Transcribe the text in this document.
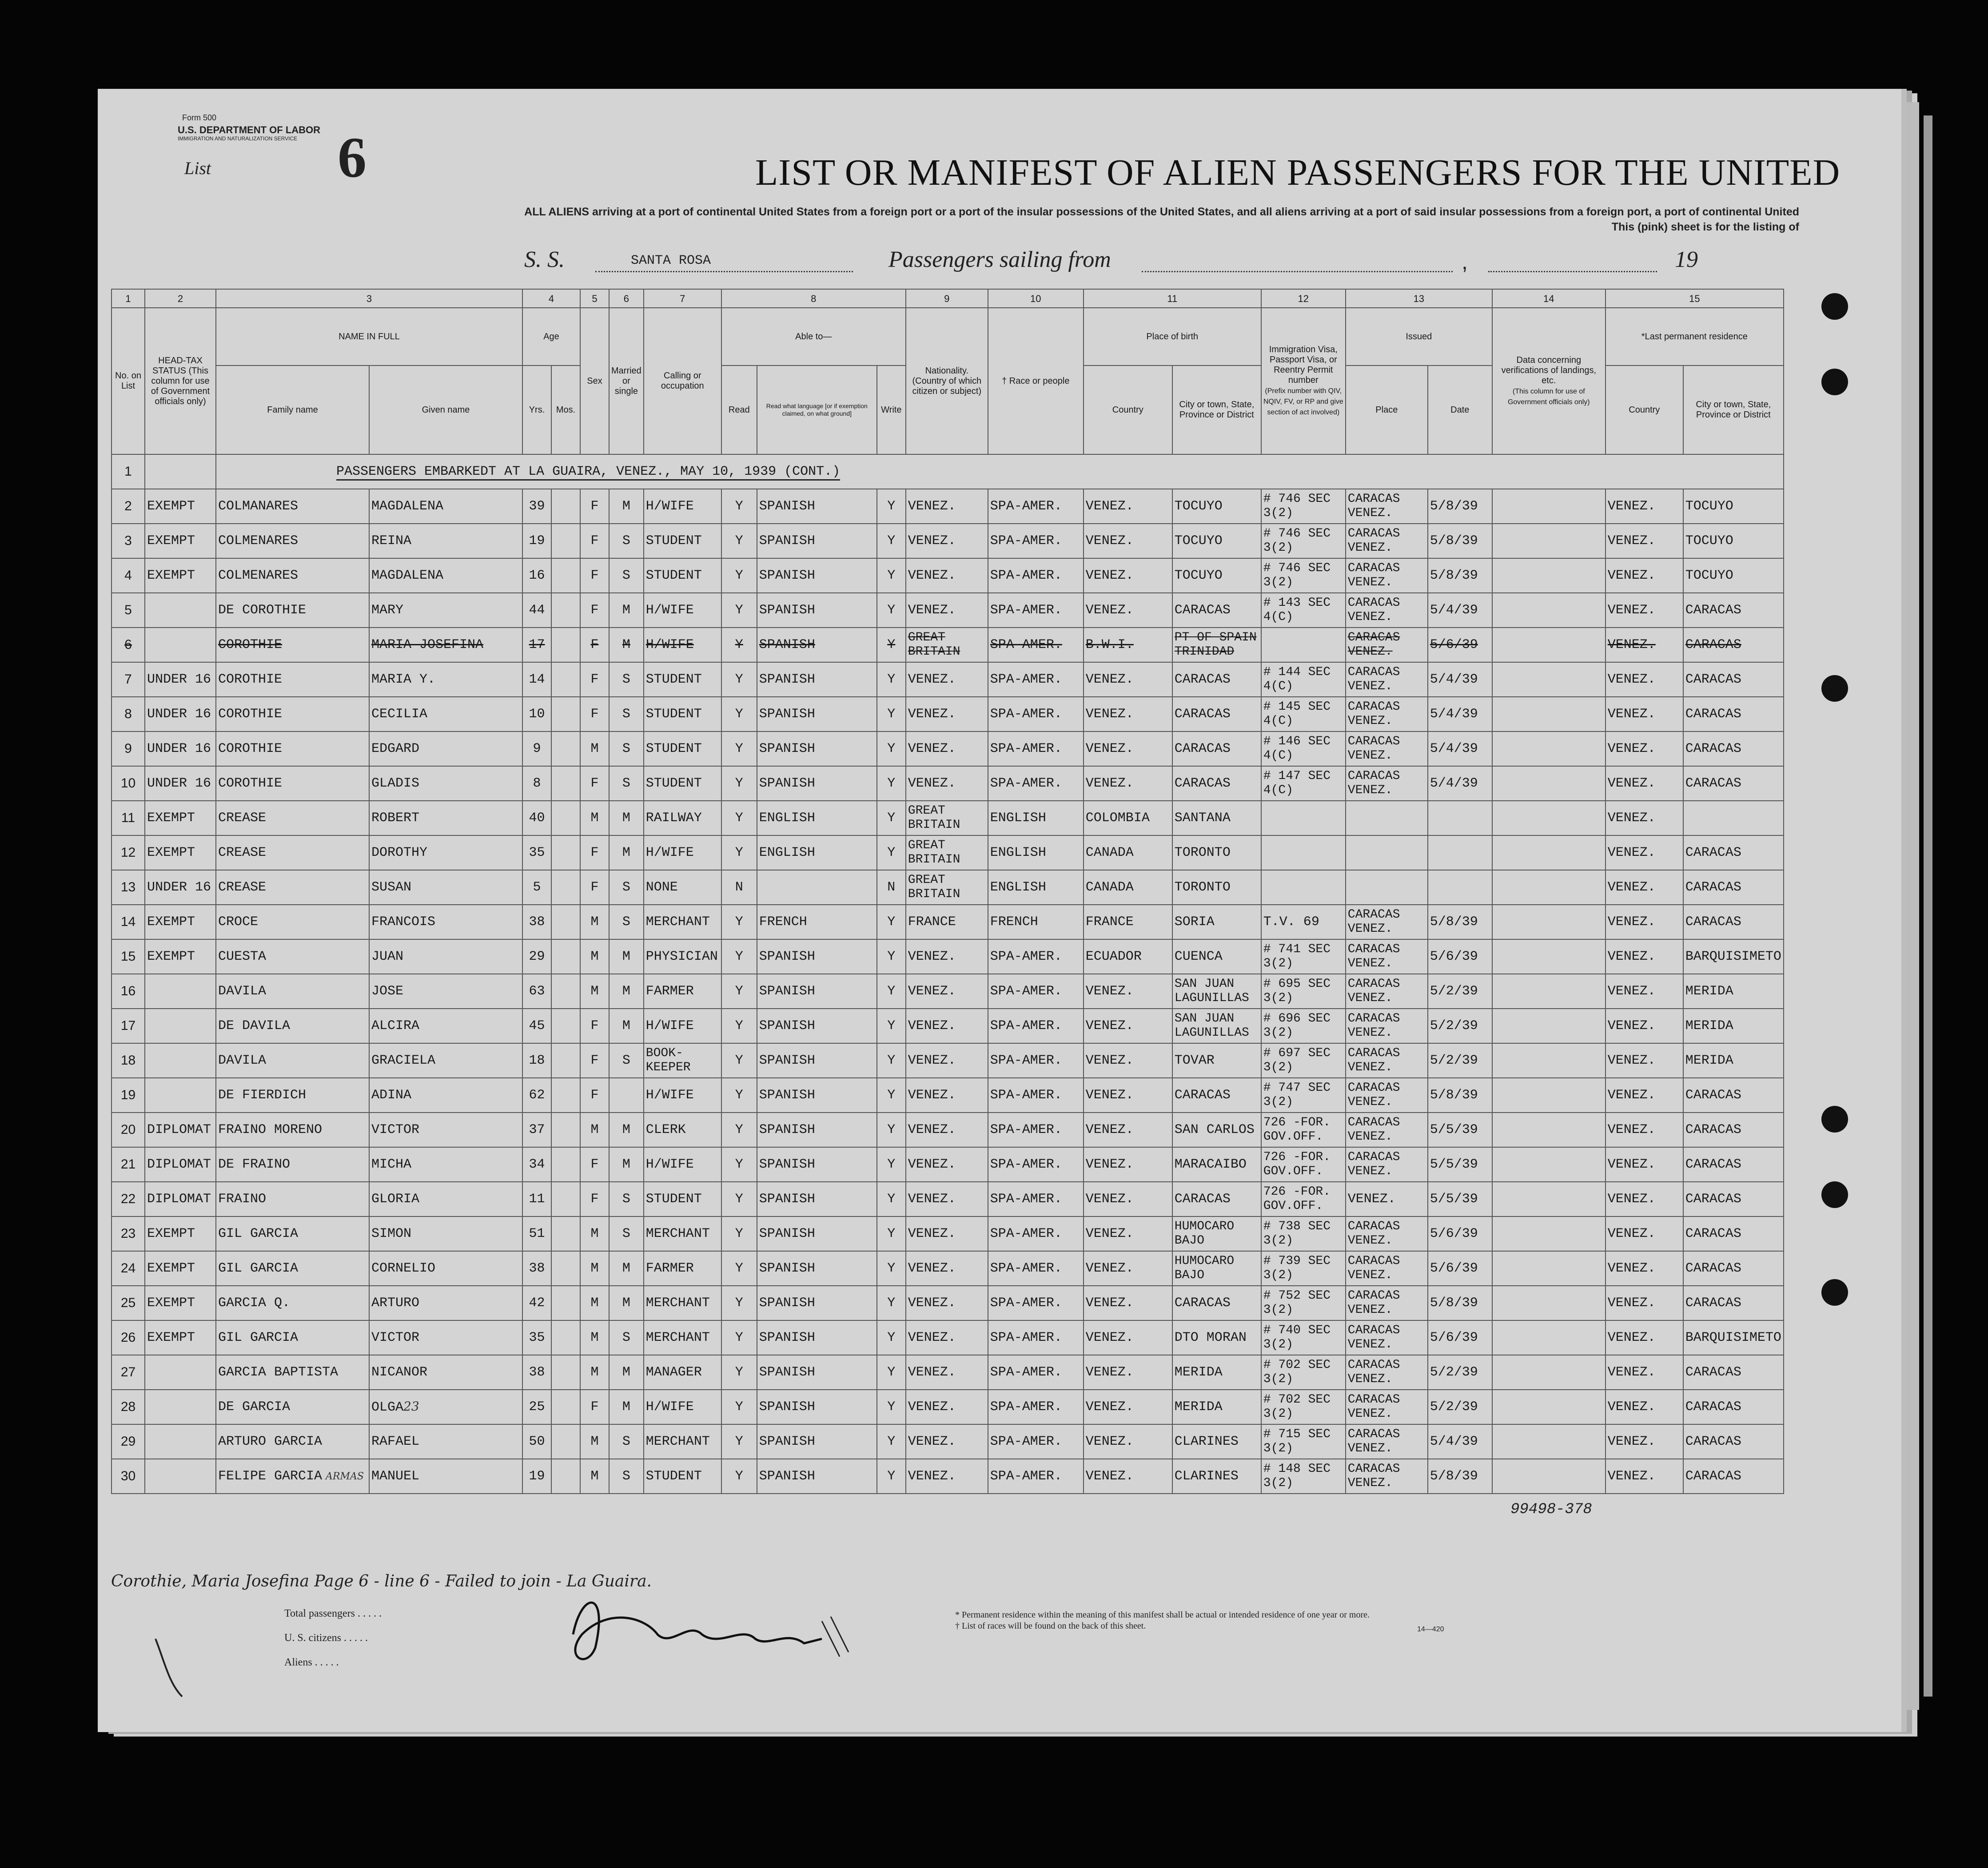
Form 500
U.S. DEPARTMENT OF LABOR
IMMIGRATION AND NATURALIZATION SERVICE
List 6	LIST OR MANIFEST OF ALIEN PASSENGERS FOR THE UNITED
ALL ALIENS arriving at a port of continental United States from a foreign port or a port of the insular possessions of the United States, and all aliens arriving at a port of said insular possessions from a foreign port, a port of continental United
This (pink) sheet is for the listing of
S. S.	SANTA ROSA	Passengers sailing from	,	19
1	2	3		4		5	6	7	8			9	10	11		12	13		14	15	
No. on List	HEAD-TAX STATUS (This column for use of Government officials only)	NAME IN FULL		Age		Sex	Married or single	Calling or occupation	Able to—			Nationality. (Country of which citizen or subject)	† Race or people	Place of birth		Immigration Visa, Passport Visa, or Reentry Permit number
(Prefix number with QIV, NQIV, FV, or RP and give section of act involved)	Issued		Data concerning verifications of landings, etc.
(This column for use of Government officials only)	*Last permanent residence	
		Family name	Given name	Yrs.	Mos.				Read	Read what language [or if exemption claimed, on what ground]	Write			Country	City or town, State, Province or District		Place	Date		Country	City or town, State, Province or District
1		PASSENGERS EMBARKEDT AT LA GUAIRA, VENEZ., MAY 10, 1939 (CONT.)																			
2	EXEMPT	COLMANARES	MAGDALENA	39		F	M	H/WIFE	Y	SPANISH	Y	VENEZ.	SPA-AMER.	VENEZ.	TOCUYO	# 746 SEC 3(2)	CARACAS VENEZ.	5/8/39		VENEZ.	TOCUYO
3	EXEMPT	COLMENARES	REINA	19		F	S	STUDENT	Y	SPANISH	Y	VENEZ.	SPA-AMER.	VENEZ.	TOCUYO	# 746 SEC 3(2)	CARACAS VENEZ.	5/8/39		VENEZ.	TOCUYO
4	EXEMPT	COLMENARES	MAGDALENA	16		F	S	STUDENT	Y	SPANISH	Y	VENEZ.	SPA-AMER.	VENEZ.	TOCUYO	# 746 SEC 3(2)	CARACAS VENEZ.	5/8/39		VENEZ.	TOCUYO
5		DE COROTHIE	MARY	44		F	M	H/WIFE	Y	SPANISH	Y	VENEZ.	SPA-AMER.	VENEZ.	CARACAS	# 143 SEC 4(C)	CARACAS VENEZ.	5/4/39		VENEZ.	CARACAS
6		COROTHIE	MARIA JOSEFINA	17		F	M	H/WIFE	Y	SPANISH	Y	GREAT BRITAIN	SPA-AMER.	B.W.I.	PT OF SPAIN TRINIDAD		CARACAS VENEZ.	5/6/39		VENEZ.	CARACAS
7	UNDER 16	COROTHIE	MARIA Y.	14		F	S	STUDENT	Y	SPANISH	Y	VENEZ.	SPA-AMER.	VENEZ.	CARACAS	# 144 SEC 4(C)	CARACAS VENEZ.	5/4/39		VENEZ.	CARACAS
8	UNDER 16	COROTHIE	CECILIA	10		F	S	STUDENT	Y	SPANISH	Y	VENEZ.	SPA-AMER.	VENEZ.	CARACAS	# 145 SEC 4(C)	CARACAS VENEZ.	5/4/39		VENEZ.	CARACAS
9	UNDER 16	COROTHIE	EDGARD	9		M	S	STUDENT	Y	SPANISH	Y	VENEZ.	SPA-AMER.	VENEZ.	CARACAS	# 146 SEC 4(C)	CARACAS VENEZ.	5/4/39		VENEZ.	CARACAS
10	UNDER 16	COROTHIE	GLADIS	8		F	S	STUDENT	Y	SPANISH	Y	VENEZ.	SPA-AMER.	VENEZ.	CARACAS	# 147 SEC 4(C)	CARACAS VENEZ.	5/4/39		VENEZ.	CARACAS
11	EXEMPT	CREASE	ROBERT	40		M	M	RAILWAY	Y	ENGLISH	Y	GREAT BRITAIN	ENGLISH	COLOMBIA	SANTANA					VENEZ.	
12	EXEMPT	CREASE	DOROTHY	35		F	M	H/WIFE	Y	ENGLISH	Y	GREAT BRITAIN	ENGLISH	CANADA	TORONTO					VENEZ.	CARACAS
13	UNDER 16	CREASE	SUSAN	5		F	S	NONE	N		N	GREAT BRITAIN	ENGLISH	CANADA	TORONTO					VENEZ.	CARACAS
14	EXEMPT	CROCE	FRANCOIS	38		M	S	MERCHANT	Y	FRENCH	Y	FRANCE	FRENCH	FRANCE	SORIA	T.V. 69	CARACAS VENEZ.	5/8/39		VENEZ.	CARACAS
15	EXEMPT	CUESTA	JUAN	29		M	M	PHYSICIAN	Y	SPANISH	Y	VENEZ.	SPA-AMER.	ECUADOR	CUENCA	# 741 SEC 3(2)	CARACAS VENEZ.	5/6/39		VENEZ.	BARQUISIMETO
16		DAVILA	JOSE	63		M	M	FARMER	Y	SPANISH	Y	VENEZ.	SPA-AMER.	VENEZ.	SAN JUAN LAGUNILLAS	# 695 SEC 3(2)	CARACAS VENEZ.	5/2/39		VENEZ.	MERIDA
17		DE DAVILA	ALCIRA	45		F	M	H/WIFE	Y	SPANISH	Y	VENEZ.	SPA-AMER.	VENEZ.	SAN JUAN LAGUNILLAS	# 696 SEC 3(2)	CARACAS VENEZ.	5/2/39		VENEZ.	MERIDA
18		DAVILA	GRACIELA	18		F	S	BOOK-KEEPER	Y	SPANISH	Y	VENEZ.	SPA-AMER.	VENEZ.	TOVAR	# 697 SEC 3(2)	CARACAS VENEZ.	5/2/39		VENEZ.	MERIDA
19		DE FIERDICH	ADINA	62		F		H/WIFE	Y	SPANISH	Y	VENEZ.	SPA-AMER.	VENEZ.	CARACAS	# 747 SEC 3(2)	CARACAS VENEZ.	5/8/39		VENEZ.	CARACAS
20	DIPLOMAT	FRAINO MORENO	VICTOR	37		M	M	CLERK	Y	SPANISH	Y	VENEZ.	SPA-AMER.	VENEZ.	SAN CARLOS	726 -FOR. GOV.OFF.	CARACAS VENEZ.	5/5/39		VENEZ.	CARACAS
21	DIPLOMAT	DE FRAINO	MICHA	34		F	M	H/WIFE	Y	SPANISH	Y	VENEZ.	SPA-AMER.	VENEZ.	MARACAIBO	726 -FOR. GOV.OFF.	CARACAS VENEZ.	5/5/39		VENEZ.	CARACAS
22	DIPLOMAT	FRAINO	GLORIA	11		F	S	STUDENT	Y	SPANISH	Y	VENEZ.	SPA-AMER.	VENEZ.	CARACAS	726 -FOR. GOV.OFF.	VENEZ.	5/5/39		VENEZ.	CARACAS
23	EXEMPT	GIL GARCIA	SIMON	51		M	S	MERCHANT	Y	SPANISH	Y	VENEZ.	SPA-AMER.	VENEZ.	HUMOCARO BAJO	# 738 SEC 3(2)	CARACAS VENEZ.	5/6/39		VENEZ.	CARACAS
24	EXEMPT	GIL GARCIA	CORNELIO	38		M	M	FARMER	Y	SPANISH	Y	VENEZ.	SPA-AMER.	VENEZ.	HUMOCARO BAJO	# 739 SEC 3(2)	CARACAS VENEZ.	5/6/39		VENEZ.	CARACAS
25	EXEMPT	GARCIA Q.	ARTURO	42		M	M	MERCHANT	Y	SPANISH	Y	VENEZ.	SPA-AMER.	VENEZ.	CARACAS	# 752 SEC 3(2)	CARACAS VENEZ.	5/8/39		VENEZ.	CARACAS
26	EXEMPT	GIL GARCIA	VICTOR	35		M	S	MERCHANT	Y	SPANISH	Y	VENEZ.	SPA-AMER.	VENEZ.	DTO MORAN	# 740 SEC 3(2)	CARACAS VENEZ.	5/6/39		VENEZ.	BARQUISIMETO
27		GARCIA BAPTISTA	NICANOR	38		M	M	MANAGER	Y	SPANISH	Y	VENEZ.	SPA-AMER.	VENEZ.	MERIDA	# 702 SEC 3(2)	CARACAS VENEZ.	5/2/39		VENEZ.	CARACAS
28		DE GARCIA	OLGA23	25		F	M	H/WIFE	Y	SPANISH	Y	VENEZ.	SPA-AMER.	VENEZ.	MERIDA	# 702 SEC 3(2)	CARACAS VENEZ.	5/2/39		VENEZ.	CARACAS
29		ARTURO GARCIA	RAFAEL	50		M	S	MERCHANT	Y	SPANISH	Y	VENEZ.	SPA-AMER.	VENEZ.	CLARINES	# 715 SEC 3(2)	CARACAS VENEZ.	5/4/39		VENEZ.	CARACAS
30		FELIPE GARCIA ARMAS	MANUEL	19		M	S	STUDENT	Y	SPANISH	Y	VENEZ.	SPA-AMER.	VENEZ.	CLARINES	# 148 SEC 3(2)	CARACAS VENEZ.	5/8/39		VENEZ.	CARACAS
99498-378
Corothie, Maria Josefina Page 6 - line 6 - Failed to join - La Guaira.
Total passengers . . . . .
U. S. citizens . . . . .
Aliens . . . . .
* Permanent residence within the meaning of this manifest shall be actual or intended residence of one year or more.
† List of races will be found on the back of this sheet.	14—420
